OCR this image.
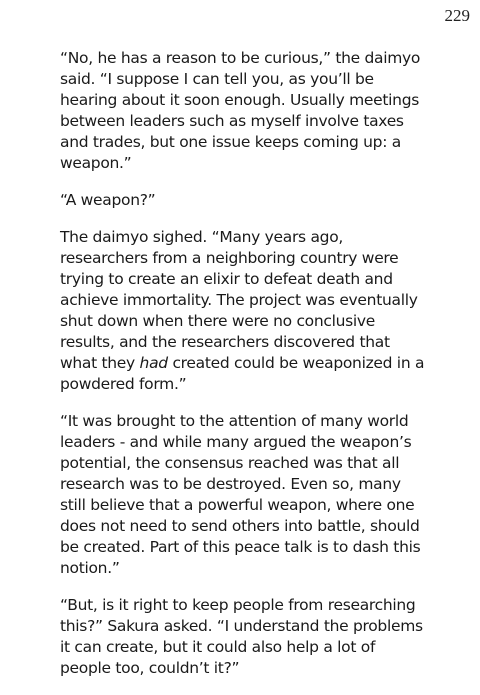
229

“No, he has a reason to be curious,” the daimyo said. “I suppose I can tell you, as you’ll be hearing about it soon enough. Usually meetings between leaders such as myself involve taxes and trades, but one issue keeps coming up: a weapon.”

“A weapon?”

The daimyo sighed. “Many years ago, researchers from a neighboring country were trying to create an elixir to defeat death and achieve immortality. The project was eventually shut down when there were no conclusive results, and the researchers discovered that what they had created could be weaponized in a powdered form.”

“It was brought to the attention of many world leaders - and while many argued the weapon’s potential, the consensus reached was that all research was to be destroyed. Even so, many still believe that a powerful weapon, where one does not need to send others into battle, should be created. Part of this peace talk is to dash this notion.”

“But, is it right to keep people from researching this?” Sakura asked. “I understand the problems it can create, but it could also help a lot of people too, couldn’t it?”
